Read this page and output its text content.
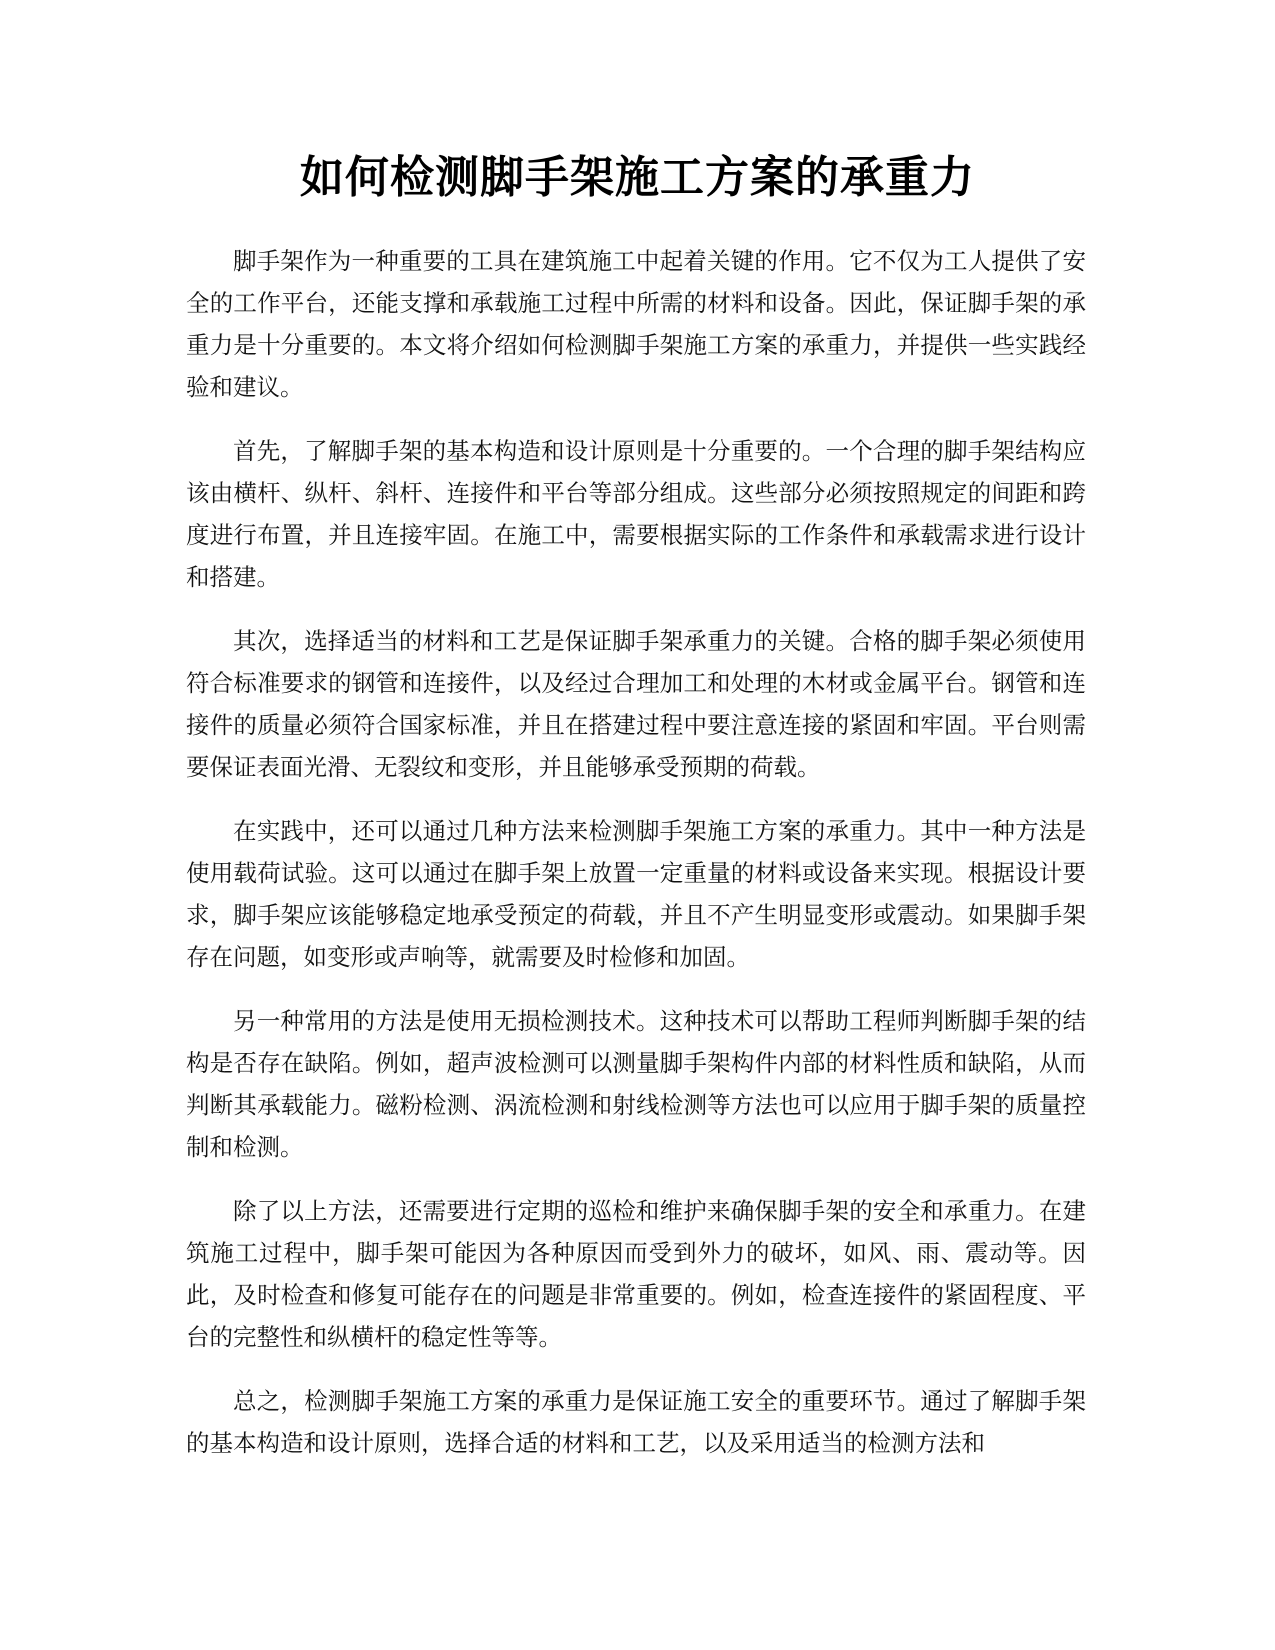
如何检测脚手架施工方案的承重力

脚手架作为一种重要的工具在建筑施工中起着关键的作用。它不仅为工人提供了安全的工作平台，还能支撑和承载施工过程中所需的材料和设备。因此，保证脚手架的承重力是十分重要的。本文将介绍如何检测脚手架施工方案的承重力，并提供一些实践经验和建议。

首先，了解脚手架的基本构造和设计原则是十分重要的。一个合理的脚手架结构应该由横杆、纵杆、斜杆、连接件和平台等部分组成。这些部分必须按照规定的间距和跨度进行布置，并且连接牢固。在施工中，需要根据实际的工作条件和承载需求进行设计和搭建。

其次，选择适当的材料和工艺是保证脚手架承重力的关键。合格的脚手架必须使用符合标准要求的钢管和连接件，以及经过合理加工和处理的木材或金属平台。钢管和连接件的质量必须符合国家标准，并且在搭建过程中要注意连接的紧固和牢固。平台则需要保证表面光滑、无裂纹和变形，并且能够承受预期的荷载。

在实践中，还可以通过几种方法来检测脚手架施工方案的承重力。其中一种方法是使用载荷试验。这可以通过在脚手架上放置一定重量的材料或设备来实现。根据设计要求，脚手架应该能够稳定地承受预定的荷载，并且不产生明显变形或震动。如果脚手架存在问题，如变形或声响等，就需要及时检修和加固。

另一种常用的方法是使用无损检测技术。这种技术可以帮助工程师判断脚手架的结构是否存在缺陷。例如，超声波检测可以测量脚手架构件内部的材料性质和缺陷，从而判断其承载能力。磁粉检测、涡流检测和射线检测等方法也可以应用于脚手架的质量控制和检测。

除了以上方法，还需要进行定期的巡检和维护来确保脚手架的安全和承重力。在建筑施工过程中，脚手架可能因为各种原因而受到外力的破坏，如风、雨、震动等。因此，及时检查和修复可能存在的问题是非常重要的。例如，检查连接件的紧固程度、平台的完整性和纵横杆的稳定性等等。

总之，检测脚手架施工方案的承重力是保证施工安全的重要环节。通过了解脚手架的基本构造和设计原则，选择合适的材料和工艺，以及采用适当的检测方法和
